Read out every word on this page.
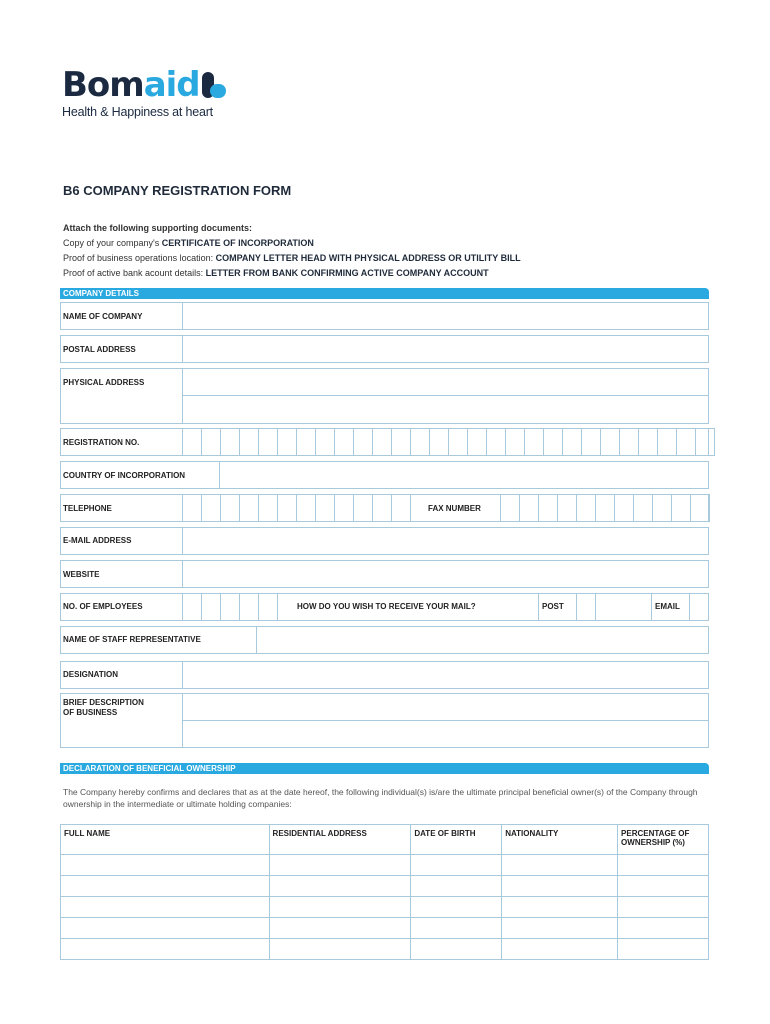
Bomaid
Health & Happiness at heart
B6 COMPANY REGISTRATION FORM
Attach the following supporting documents:
Copy of your company's CERTIFICATE OF INCORPORATION
Proof of business operations location: COMPANY LETTER HEAD WITH PHYSICAL ADDRESS OR UTILITY BILL
Proof of active bank acount details: LETTER FROM BANK CONFIRMING ACTIVE COMPANY ACCOUNT
COMPANY DETAILS
NAME OF COMPANY
POSTAL ADDRESS
PHYSICAL ADDRESS
REGISTRATION NO.
COUNTRY OF INCORPORATION
TELEPHONE	FAX NUMBER
E-MAIL ADDRESS
WEBSITE
NO. OF EMPLOYEES	HOW DO YOU WISH TO RECEIVE YOUR MAIL?	POST	EMAIL
NAME OF STAFF REPRESENTATIVE
DESIGNATION
BRIEF DESCRIPTION
OF BUSINESS
DECLARATION OF BENEFICIAL OWNERSHIP
The Company hereby confirms and declares that as at the date hereof, the following individual(s) is/are the ultimate principal beneficial owner(s) of the Company through ownership in the intermediate or ultimate holding companies:
FULL NAME	RESIDENTIAL ADDRESS	DATE OF BIRTH	NATIONALITY	PERCENTAGE OF OWNERSHIP (%)
